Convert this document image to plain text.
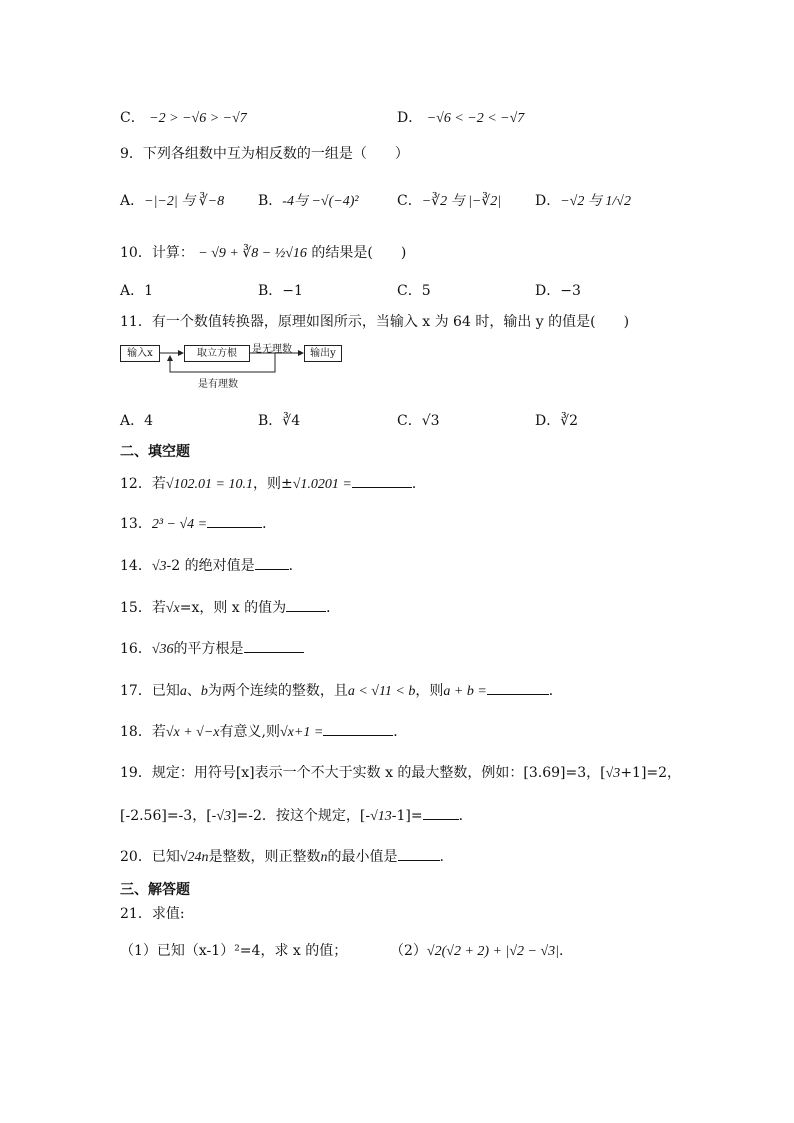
C． −2 > −√6 > −√7	D． −√6 < −2 < −√7
9．下列各组数中互为相反数的一组是（　　）
A．−|−2| 与 ∛−8 B．-4与 −√(−4)²	C．−∛2 与 |−∛2| D．−√2 与 1/√2
10．计算： − √9 + ∛8 − ½√16 的结果是(　　)
A．1	B．−1	C．5	D．−3
11．有一个数值转换器，原理如图所示，当输入 x 为 64 时，输出 y 的值是(　　)
输入x	取立方根	输出y
是无理数
是有理数
A．4	B．∛4	C．√3	D．∛2
二、填空题
12．若√102.01 = 10.1，则±√1.0201 =	．
13．2³ − √4 =	．
14．√3-2 的绝对值是 ．
15．若√x=x，则 x 的值为	．
16．√36的平方根是
17．已知a、b为两个连续的整数，且a < √11 < b，则a + b =	．
18．若√x + √−x有意义,则√x+1 =	．
19．规定：用符号[x]表示一个不大于实数 x 的最大整数，例如：[3.69]=3，[√3+1]=2，
[-2.56]=-3，[-√3]=-2．按这个规定，[-√13-1]=	．
20．已知√24n是整数，则正整数n的最小值是	.
三、解答题
21．求值:
（1）已知（x-1）²=4，求 x 的值；	（2）√2(√2 + 2) + |√2 − √3|.
